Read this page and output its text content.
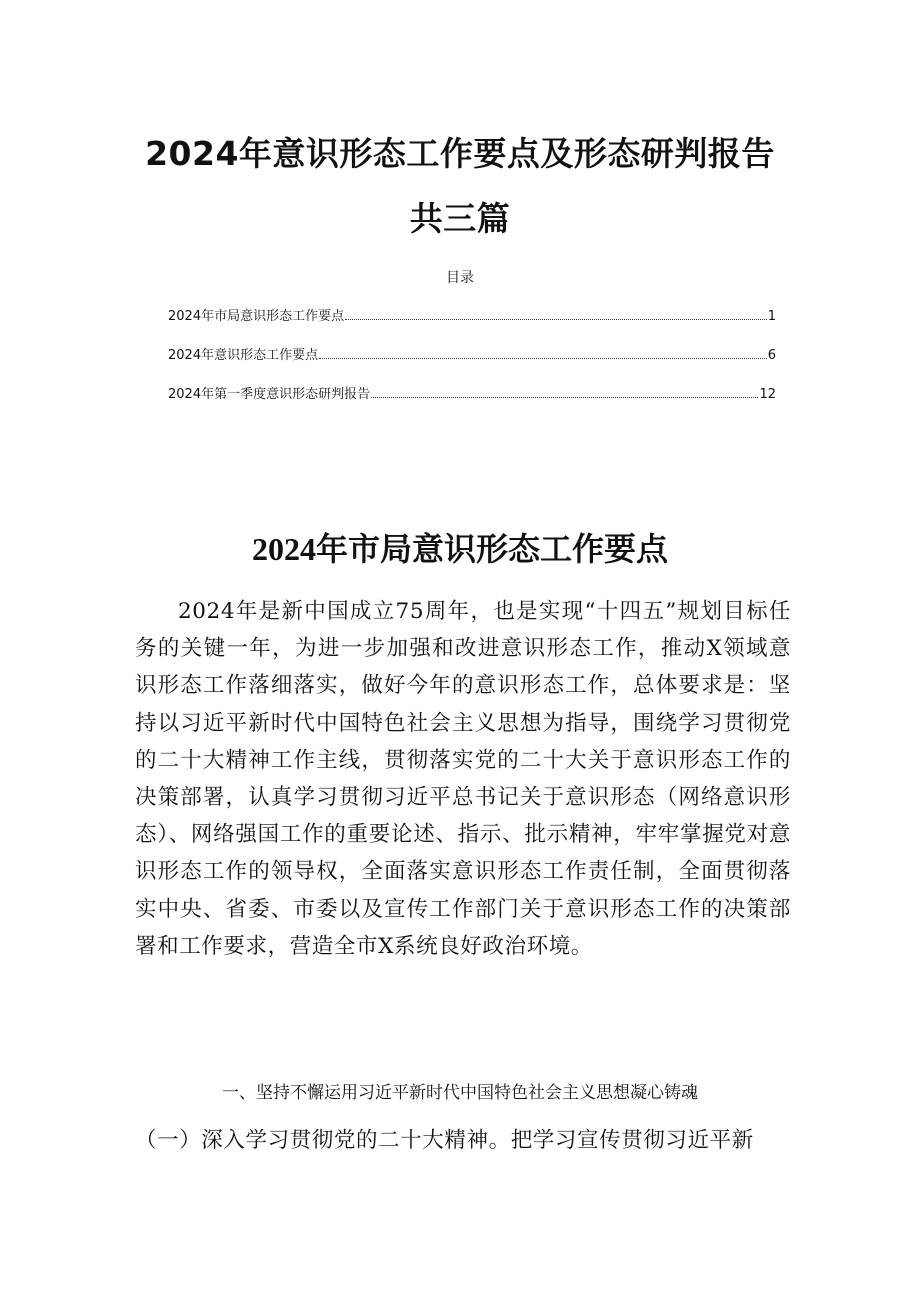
2024年意识形态工作要点及形态研判报告
共三篇
目录
2024年市局意识形态工作要点	1
2024年意识形态工作要点	6
2024年第一季度意识形态研判报告	12
2024年市局意识形态工作要点

2024年是新中国成立75周年，也是实现“十四五”规划目标任务的关键一年，为进一步加强和改进意识形态工作，推动X领域意识形态工作落细落实，做好今年的意识形态工作，总体要求是：坚持以习近平新时代中国特色社会主义思想为指导，围绕学习贯彻党的二十大精神工作主线，贯彻落实党的二十大关于意识形态工作的决策部署，认真学习贯彻习近平总书记关于意识形态（网络意识形态）、网络强国工作的重要论述、指示、批示精神，牢牢掌握党对意识形态工作的领导权，全面落实意识形态工作责任制，全面贯彻落实中央、省委、市委以及宣传工作部门关于意识形态工作的决策部署和工作要求，营造全市X系统良好政治环境。

一、坚持不懈运用习近平新时代中国特色社会主义思想凝心铸魂

（一）深入学习贯彻党的二十大精神。把学习宣传贯彻习近平新
